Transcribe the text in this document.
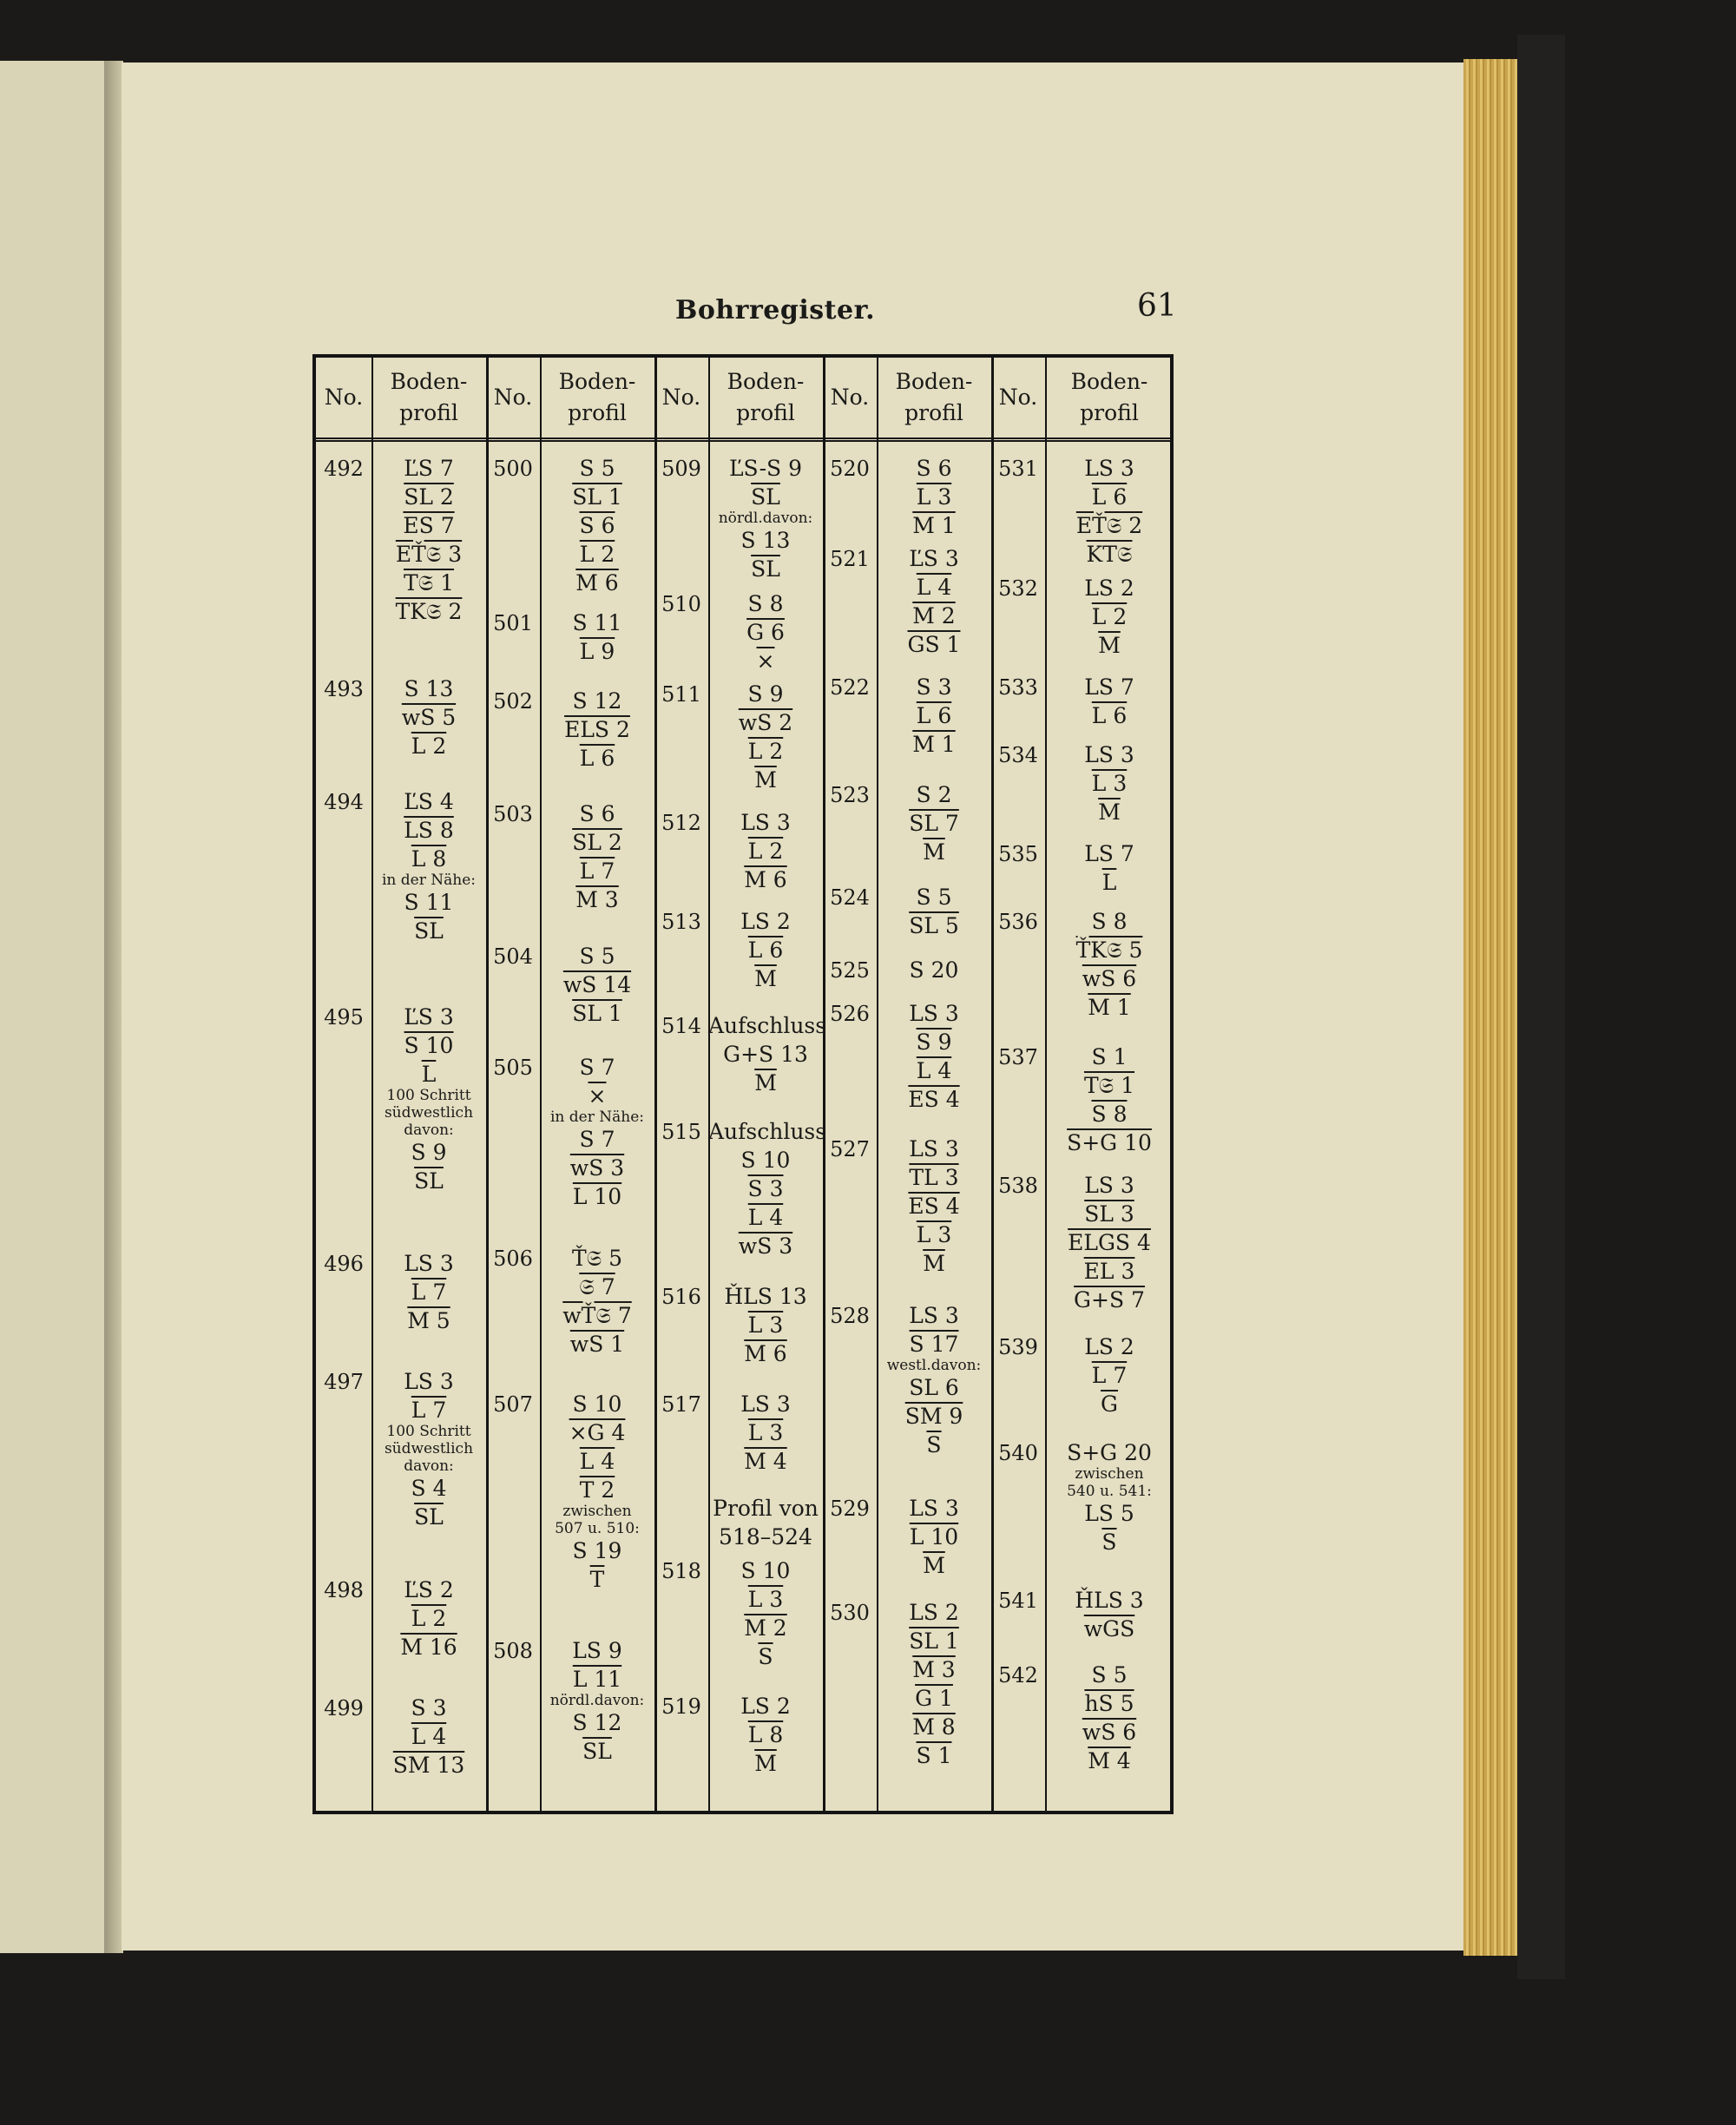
Bohrregister.	61
No.
Boden-
profil
No.
Boden-
profil
No.
Boden-
profil
No.
Boden-
profil
No.
Boden-
profil
492	ĽS 7
SL 2
ES 7
EŤ𝔖 3
T𝔖 1
TK𝔖 2
493	S 13
wS 5
L 2
494	ĽS 4
LS 8
L 8
in der Nähe:
S 11
$\overline{SL}$
495	ĽS 3
S 10
$\overline{L}$
100 Schritt
südwestlich
davon:
S 9
$\overline{SL}$
496	LS 3
L 7
M 5
497	LS 3
L 7
100 Schritt
südwestlich
davon:
S 4
$\overline{SL}$
498	ĽS 2
L 2
M 16
499	S 3
L 4
SM 13
500	S 5
SL 1
S 6
L 2
M 6
501	S 11
L 9
502	S 12
ELS 2
L 6
503	S 6
SL 2
L 7
M 3
504	S 5
wS 14
SL 1
505	S 7
×
in der Nähe:
S 7
wS 3
L 10
506	Ť𝔖 5
𝔖 7
wŤ𝔖 7
wS 1
507	S 10
×G 4
L 4
T 2
zwischen
507 u. 510:
S 19
$\overline{T}$
508	LS 9
L 11
nördl.davon:
S 12
$\overline{SL}$
509	ĽS-S 9
$\overline{SL}$
nördl.davon:
S 13
$\overline{SL}$
510	S 8
G 6
×
511	S 9
wS 2
L 2
$\overline{M}$
512	LS 3
L 2
M 6
513	LS 2
L 6
$\overline{M}$
514 Aufschluss
G+S 13
$\overline{M}$
515 Aufschluss
S 10
S 3
L 4
wS 3
516	ȞLS 13
L 3
M 6
517	LS 3
L 3
M 4
Profil von
518–524
518	S 10
L 3
M 2
$\overline{S}$
519	LS 2
L 8
$\overline{M}$
520	S 6
L 3
M 1
521	ĽS 3
L 4
M 2
GS 1
522	S 3
L 6
M 1
523	S 2
SL 7
$\overline{M}$
524	S 5
SL 5
525	S 20
526	LS 3
S 9
L 4
ES 4
527	LS 3
TL 3
ES 4
L 3
$\overline{M}$
528	LS 3
S 17
westl.davon:
SL 6
SM 9
$\overline{S}$
529	LS 3
L 10
$\overline{M}$
530	LS 2
SL 1
M 3
G 1
M 8
S 1
531	LS 3
L 6
EŤ𝔖 2
KT𝔖
532	LS 2
L 2
$\overline{M}$
533	LS 7
L 6
534	LS 3
L 3
$\overline{M}$
535	LS 7
$\overline{L}$
536	S 8
ŤK𝔖 5
wS 6
M 1
537	S 1
T𝔖 1
S 8
S+G 10
538	LS 3
SL 3
ELGS 4
EL 3
G+S 7
539	LS 2
L 7
$\overline{G}$
540	S+G 20
zwischen
540 u. 541:
LS 5
$\overline{S}$
541	ȞLS 3
$\overline{wGS}$
542	S 5
hS 5
wS 6
M 4
